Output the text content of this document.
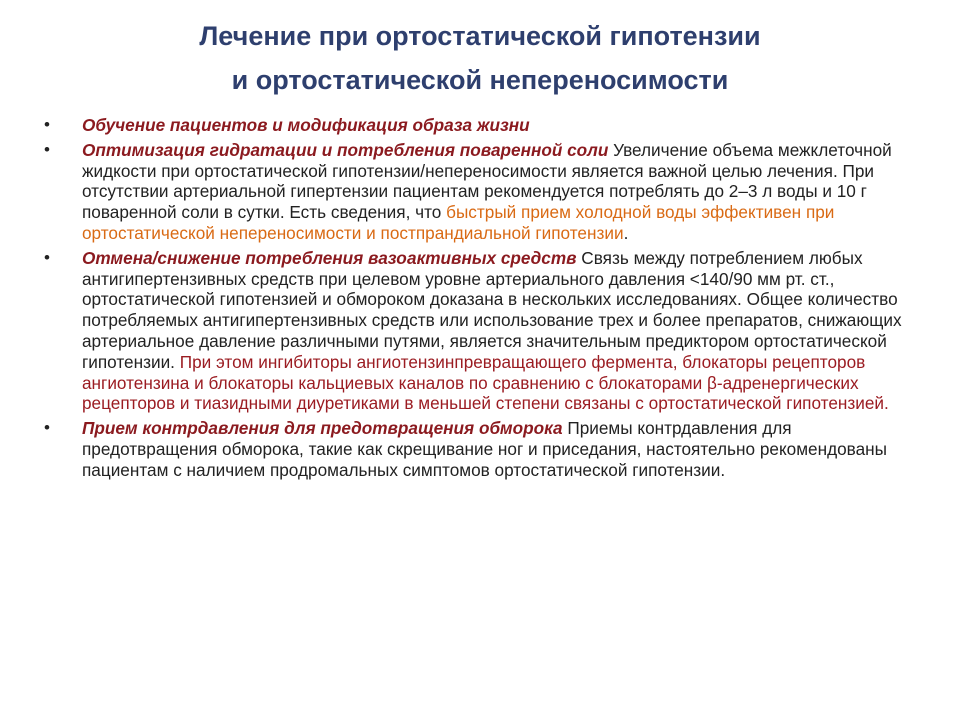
Лечение при ортостатической гипотензии
и ортостатической непереносимости
•	Обучение пациентов и модификация образа жизни
•	Оптимизация гидратации и потребления поваренной соли Увеличение объема межклеточной жидкости при ортостатической гипотензии/непереносимости является важной целью лечения. При отсутствии артериальной гипертензии пациентам рекомендуется потреблять до 2–3 л воды и 10 г поваренной соли в сутки. Есть сведения, что быстрый прием холодной воды эффективен при ортостатической непереносимости и постпрандиальной гипотензии.
•	Отмена/снижение потребления вазоактивных средств Связь между потреблением любых антигипертензивных средств при целевом уровне артериального давления <140/90 мм рт. ст., ортостатической гипотензией и обмороком доказана в нескольких исследованиях. Общее количество потребляемых антигипертензивных средств или использование трех и более препаратов, снижающих артериальное давление различными путями, является значительным предиктором ортостатической гипотензии. При этом ингибиторы ангиотензинпревращающего фермента, блокаторы рецепторов ангиотензина и блокаторы кальциевых каналов по сравнению с блокаторами β-адренергических рецепторов и тиазидными диуретиками в меньшей степени связаны с ортостатической гипотензией.
•	Прием контрдавления для предотвращения обморока Приемы контрдавления для предотвращения обморока, такие как скрещивание ног и приседания, настоятельно рекомендованы пациентам с наличием продромальных симптомов ортостатической гипотензии.
